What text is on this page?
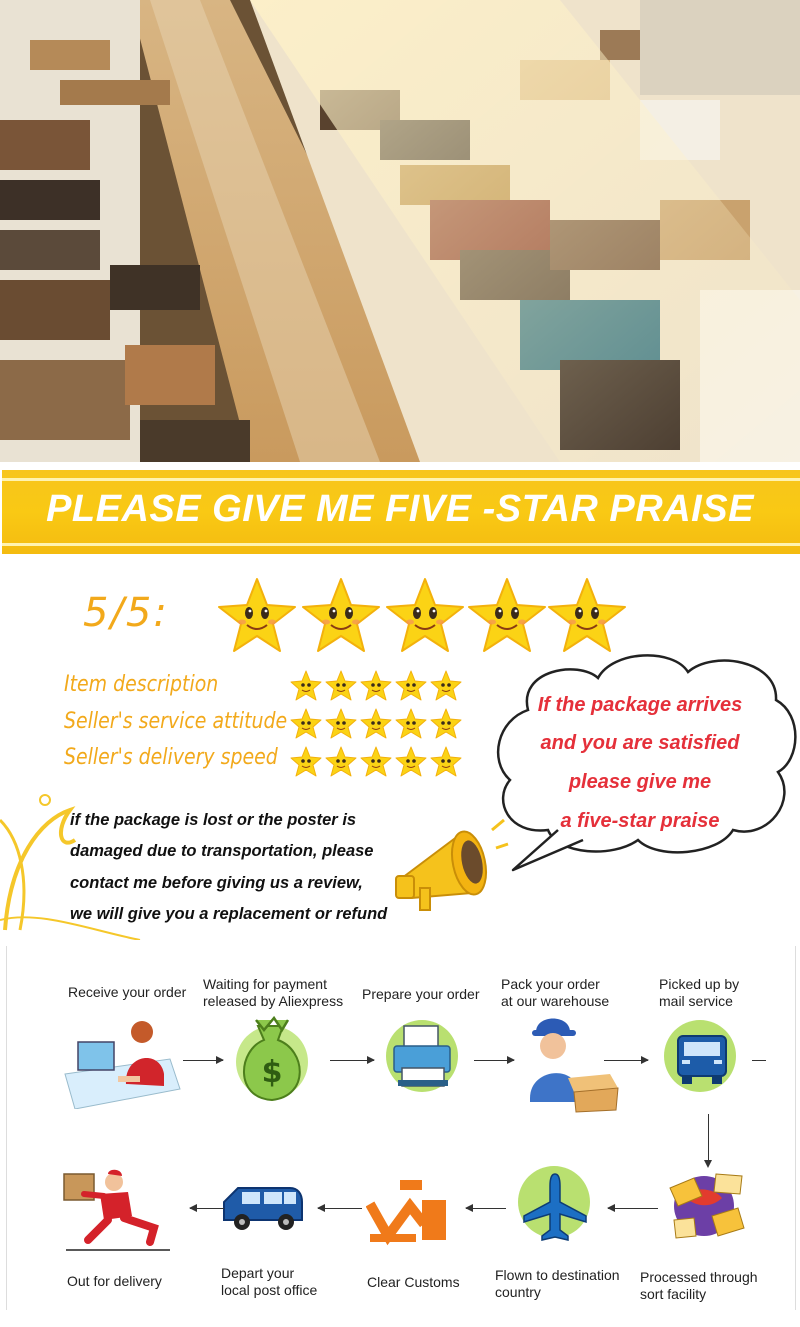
PLEASE GIVE ME FIVE -STAR PRAISE
5/5:
Item description
Seller's service attitude
Seller's delivery speed
If the package arrives
and you are satisfied
please give me
a five-star praise
if the package is lost or the poster is
damaged due to transportation, please
contact me before giving us a review,
we will give you a replacement or refund
Receive your order Waiting for payment
released by Aliexpress Prepare your order
Pack your order
at our warehouse
Picked up by
mail service
$
Out for delivery	Depart your
local post office	Clear Customs	Flown to destination
country
Processed through
sort facility
